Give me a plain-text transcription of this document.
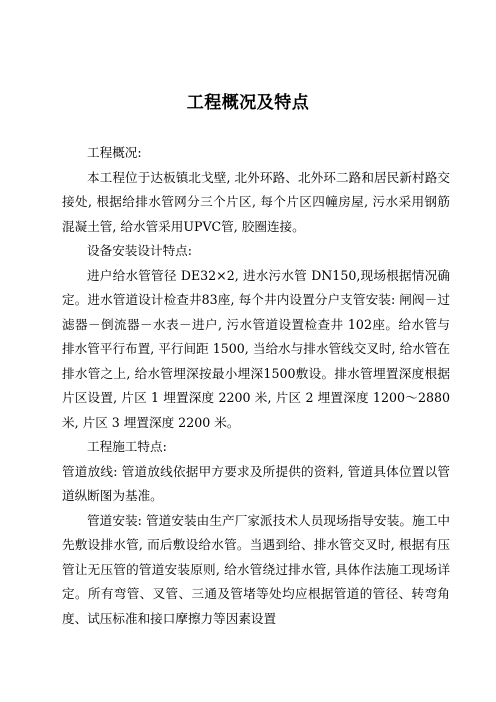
工程概况及特点

工程概况:

本工程位于达板镇北戈壁, 北外环路、北外环二路和居民新村路交接处, 根据给排水管网分三个片区, 每个片区四幢房屋, 污水采用钢筋混凝土管, 给水管采用UPVC管, 胶圈连接。

设备安装设计特点:

进户给水管管径 DE32×2, 进水污水管 DN150,现场根据情况确定。进水管道设计检查井83座, 每个井内设置分户支管安装: 闸阀－过滤器－倒流器－水表－进户, 污水管道设置检查井 102座。给水管与排水管平行布置, 平行间距 1500, 当给水与排水管线交叉时, 给水管在排水管之上, 给水管埋深按最小埋深1500敷设。排水管埋置深度根据片区设置, 片区 1 埋置深度 2200 米, 片区 2 埋置深度 1200～2880 米, 片区 3 埋置深度 2200 米。

工程施工特点:

管道放线: 管道放线依据甲方要求及所提供的资料, 管道具体位置以管道纵断图为基准。

管道安装: 管道安装由生产厂家派技术人员现场指导安装。施工中先敷设排水管, 而后敷设给水管。当遇到给、排水管交叉时, 根据有压管让无压管的管道安装原则, 给水管绕过排水管, 具体作法施工现场详定。所有弯管、叉管、三通及管堵等处均应根据管道的管径、转弯角度、试压标准和接口摩擦力等因素设置
